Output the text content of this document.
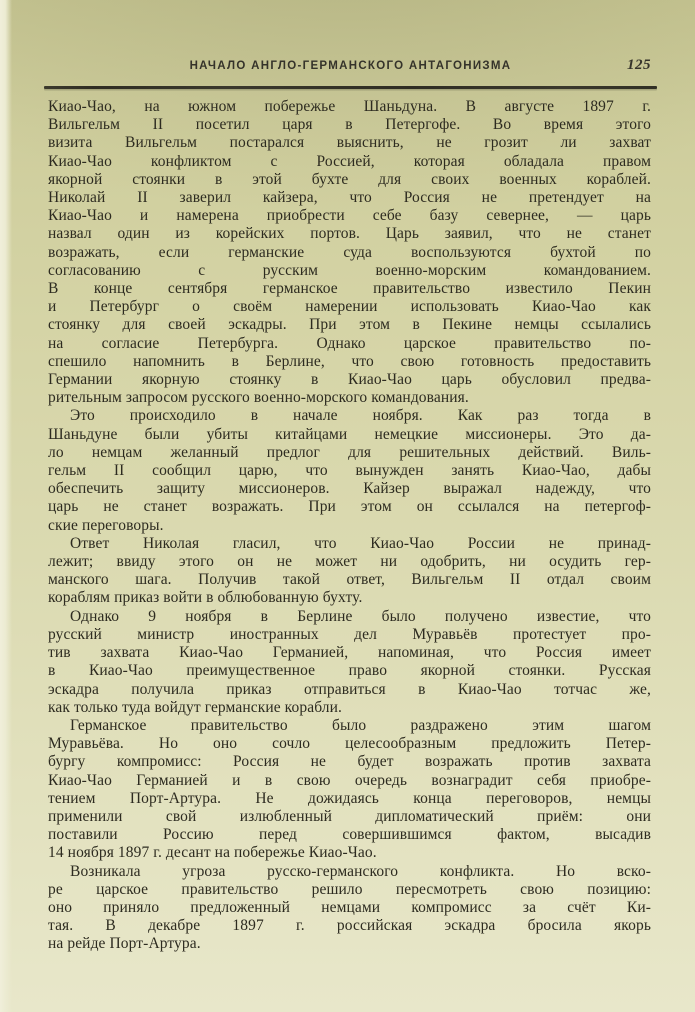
НАЧАЛО АНГЛО-ГЕРМАНСКОГО АНТАГОНИЗМА	125
Киао-Чао, на южном побережье Шаньдуна. В августе 1897 г.
Вильгельм II посетил царя в Петергофе. Во время этого
визита Вильгельм постарался выяснить, не грозит ли захват
Киао-Чао конфликтом с Россией, которая обладала правом
якорной стоянки в этой бухте для своих военных кораблей.
Николай II заверил кайзера, что Россия не претендует на
Киао-Чао и намерена приобрести себе базу севернее, — царь
назвал один из корейских портов. Царь заявил, что не станет
возражать, если германские суда воспользуются бухтой по
согласованию с русским военно-морским командованием.
В конце сентября германское правительство известило Пекин
и Петербург о своём намерении использовать Киао-Чао как
стоянку для своей эскадры. При этом в Пекине немцы ссылались
на согласие Петербурга. Однако царское правительство по-
спешило напомнить в Берлине, что свою готовность предоставить
Германии якорную стоянку в Киао-Чао царь обусловил предва-
рительным запросом русского военно-морского командования.
Это происходило в начале ноября. Как раз тогда в
Шаньдуне были убиты китайцами немецкие миссионеры. Это да-
ло немцам желанный предлог для решительных действий. Виль-
гельм II сообщил царю, что вынужден занять Киао-Чао, дабы
обеспечить защиту миссионеров. Кайзер выражал надежду, что
царь не станет возражать. При этом он ссылался на петергоф-
ские переговоры.
Ответ Николая гласил, что Киао-Чао России не принад-
лежит; ввиду этого он не может ни одобрить, ни осудить гер-
манского шага. Получив такой ответ, Вильгельм II отдал своим
кораблям приказ войти в облюбованную бухту.
Однако 9 ноября в Берлине было получено известие, что
русский министр иностранных дел Муравьёв протестует про-
тив захвата Киао-Чао Германией, напоминая, что Россия имеет
в Киао-Чао преимущественное право якорной стоянки. Русская
эскадра получила приказ отправиться в Киао-Чао тотчас же,
как только туда войдут германские корабли.
Германское правительство было раздражено этим шагом
Муравьёва. Но оно сочло целесообразным предложить Петер-
бургу компромисс: Россия не будет возражать против захвата
Киао-Чао Германией и в свою очередь вознаградит себя приобре-
тением Порт-Артура. Не дожидаясь конца переговоров, немцы
применили свой излюбленный дипломатический приём: они
поставили Россию перед совершившимся фактом, высадив
14 ноября 1897 г. десант на побережье Киао-Чао.
Возникала угроза русско-германского конфликта. Но вско-
ре царское правительство решило пересмотреть свою позицию:
оно приняло предложенный немцами компромисс за счёт Ки-
тая. В декабре 1897 г. российская эскадра бросила якорь
на рейде Порт-Артура.
